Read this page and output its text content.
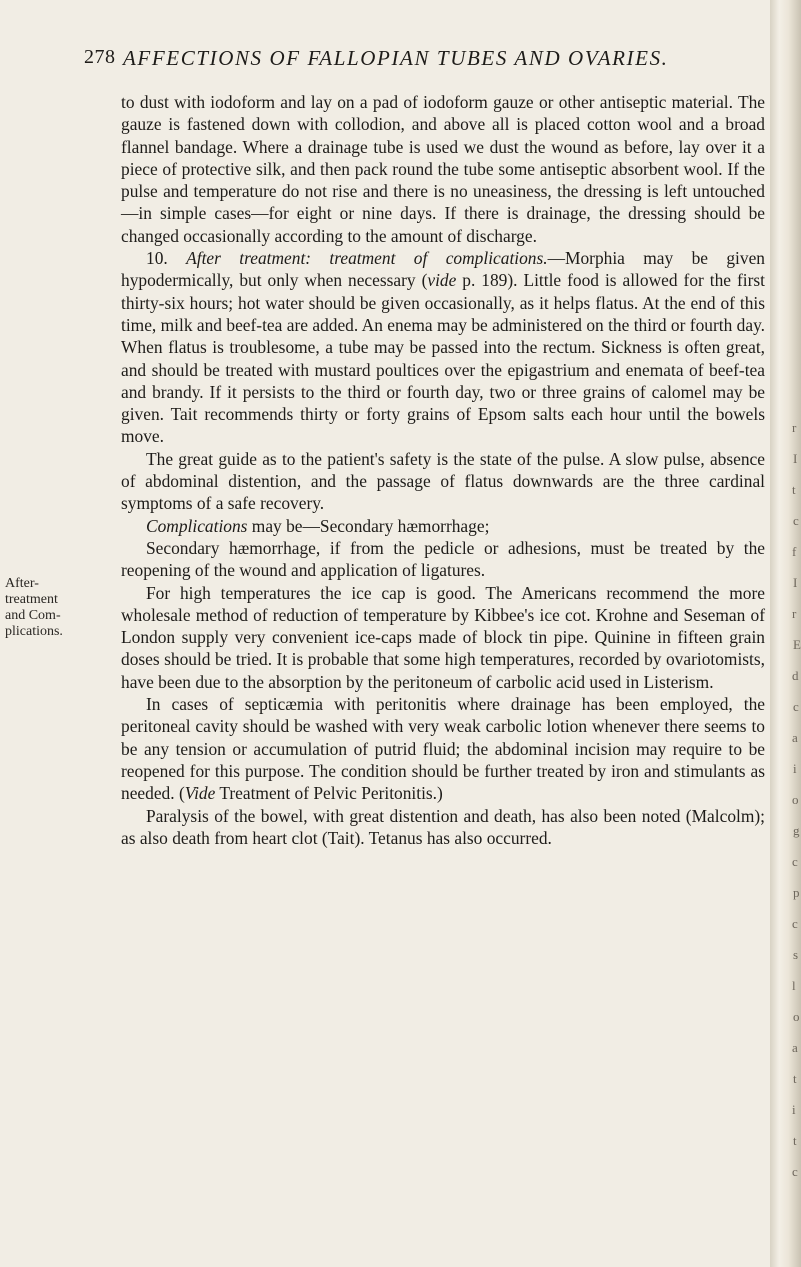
278 AFFECTIONS OF FALLOPIAN TUBES AND OVARIES.
After-
treatment
and Com-
plications.

to dust with iodoform and lay on a pad of iodoform gauze or other antiseptic material. The gauze is fastened down with collodion, and above all is placed cotton wool and a broad flannel bandage. Where a drainage tube is used we dust the wound as before, lay over it a piece of protective silk, and then pack round the tube some antiseptic absorbent wool. If the pulse and temperature do not rise and there is no uneasiness, the dressing is left untouched—in simple cases—for eight or nine days. If there is drainage, the dressing should be changed occasionally according to the amount of discharge.

10. After treatment: treatment of complications.—Morphia may be given hypodermically, but only when necessary (vide p. 189). Little food is allowed for the first thirty-six hours; hot water should be given occasionally, as it helps flatus. At the end of this time, milk and beef-tea are added. An enema may be administered on the third or fourth day. When flatus is troublesome, a tube may be passed into the rectum. Sickness is often great, and should be treated with mustard poultices over the epigastrium and enemata of beef-tea and brandy. If it persists to the third or fourth day, two or three grains of calomel may be given. Tait recommends thirty or forty grains of Epsom salts each hour until the bowels move.

The great guide as to the patient's safety is the state of the pulse. A slow pulse, absence of abdominal distention, and the passage of flatus downwards are the three cardinal symptoms of a safe recovery.

Complications may be—Secondary hæmorrhage;

Secondary hæmorrhage, if from the pedicle or adhesions, must be treated by the reopening of the wound and application of ligatures.

For high temperatures the ice cap is good. The Americans recommend the more wholesale method of reduction of temperature by Kibbee's ice cot. Krohne and Seseman of London supply very convenient ice-caps made of block tin pipe. Quinine in fifteen grain doses should be tried. It is probable that some high temperatures, recorded by ovariotomists, have been due to the absorption by the peritoneum of carbolic acid used in Listerism.

In cases of septicæmia with peritonitis where drainage has been employed, the peritoneal cavity should be washed with very weak carbolic lotion whenever there seems to be any tension or accumulation of putrid fluid; the abdominal incision may require to be reopened for this purpose. The condition should be further treated by iron and stimulants as needed. (Vide Treatment of Pelvic Peritonitis.)

Paralysis of the bowel, with great distention and death, has also been noted (Malcolm); as also death from heart clot (Tait). Tetanus has also occurred.

r
I
t
c
f
I
r
E
d
c
a
i
o
g
c
p
c
s
l
o
a
t
i
t
c
